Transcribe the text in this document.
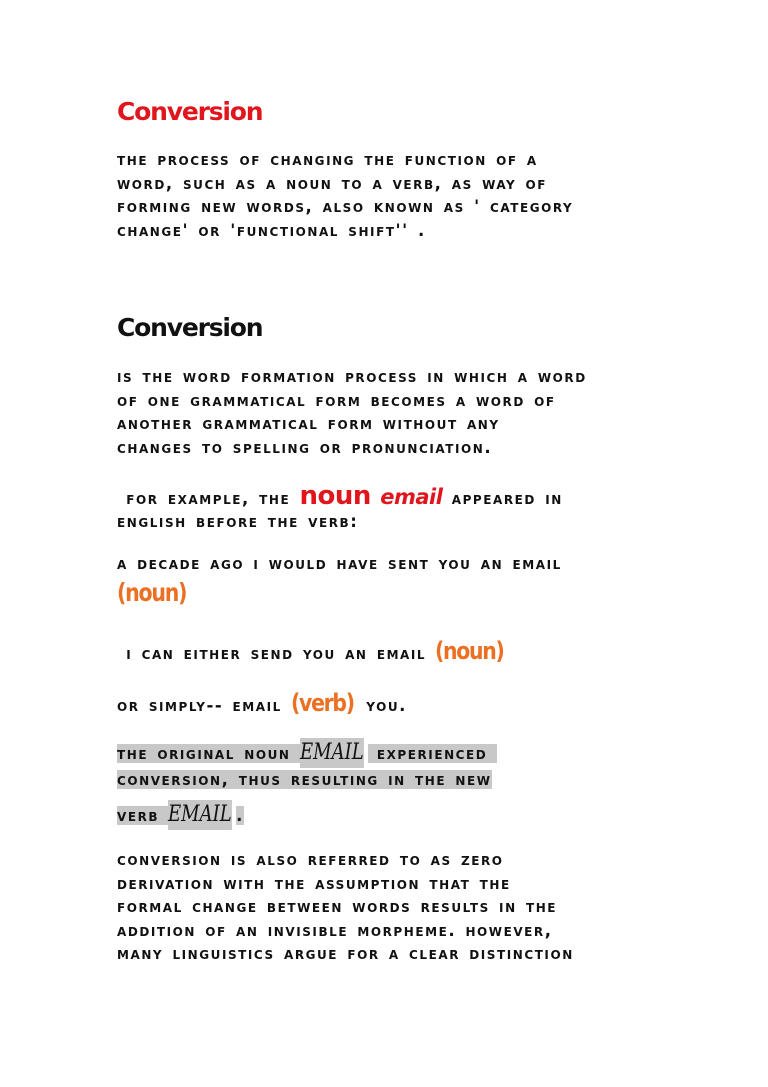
Conversion
the process of changing the function of a
word, such as a noun to a verb, as way of
forming new words, also known as ' category
change' or 'functional shift'' .
Conversion
is the word formation process in which a word
of one grammatical form becomes a word of
another grammatical form without any
changes to spelling or pronunciation.
for example, the noun email appeared in
english before the verb:
a decade ago i would have sent you an email
(noun)
i can either send you an email (noun)
or simply-- email (verb) you.
the original noun EMAIL experienced
conversion, thus resulting in the new
verb EMAIL .
conversion is also referred to as zero
derivation with the assumption that the
formal change between words results in the
addition of an invisible morpheme. however,
many linguistics argue for a clear distinction
